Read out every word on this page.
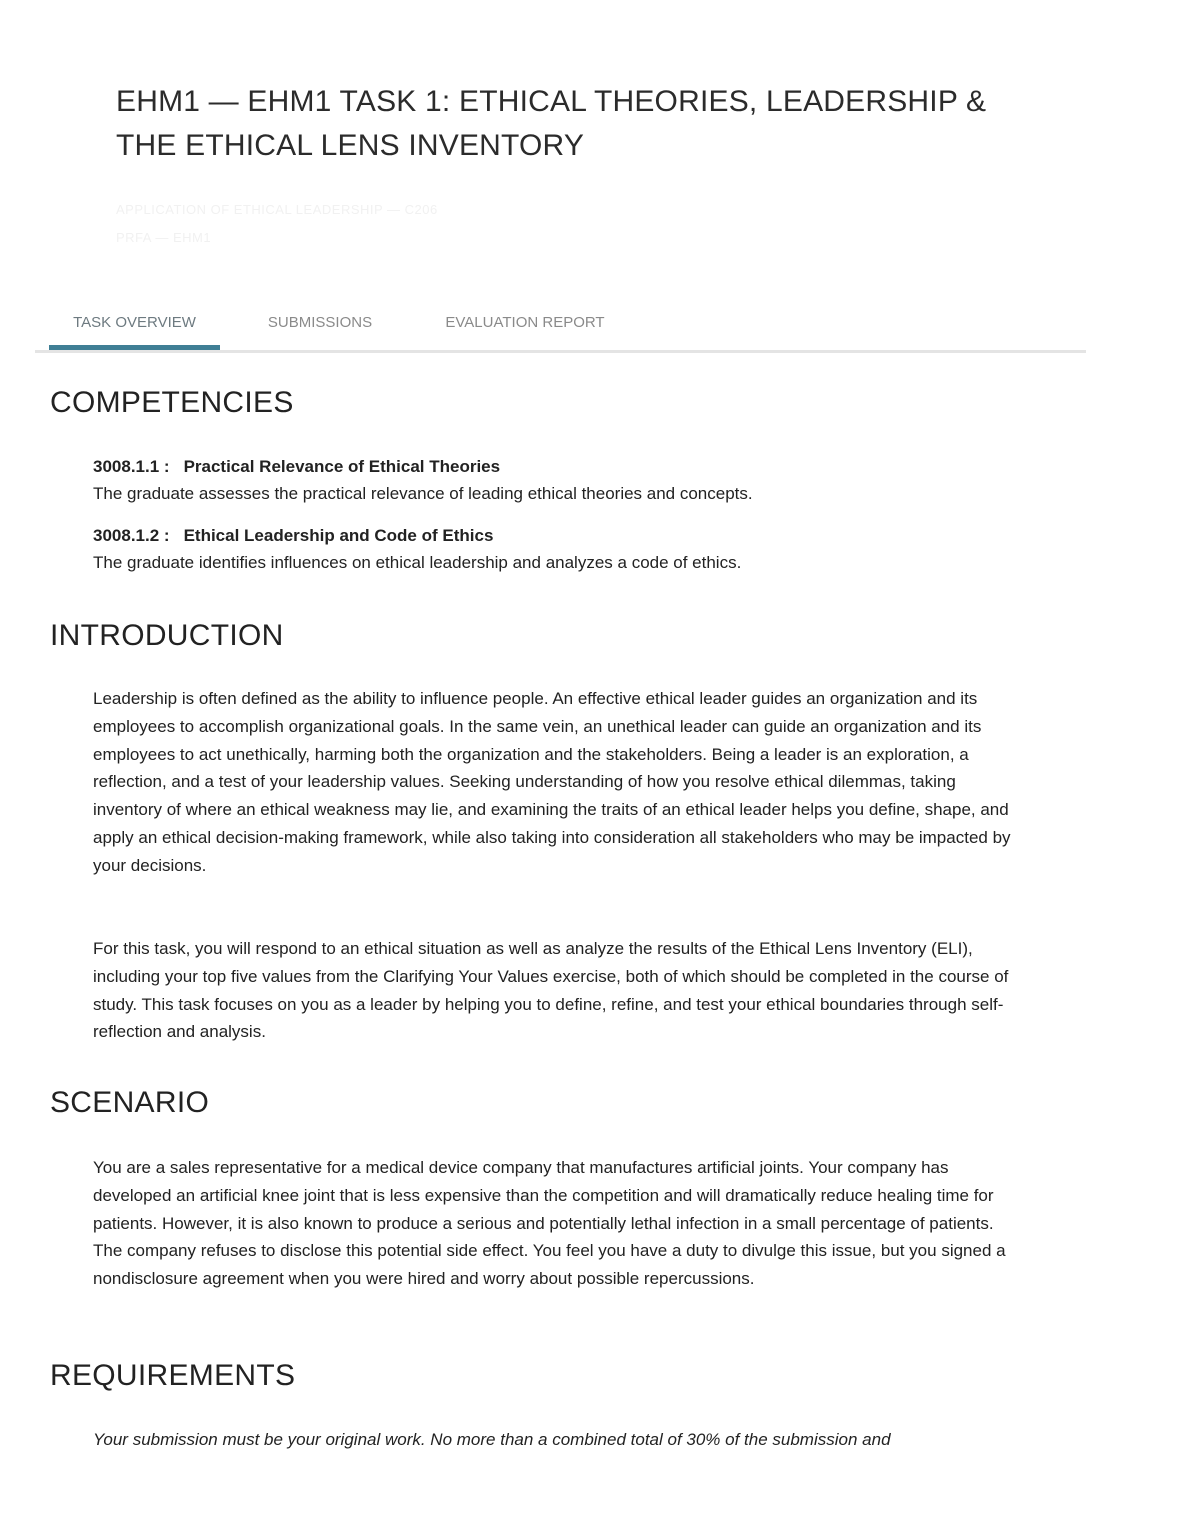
EHM1 — EHM1 TASK 1: ETHICAL THEORIES, LEADERSHIP & THE ETHICAL LENS INVENTORY
APPLICATION OF ETHICAL LEADERSHIP — C206
PRFA — EHM1
TASK OVERVIEW	SUBMISSIONS	EVALUATION REPORT
COMPETENCIES
3008.1.1 : Practical Relevance of Ethical Theories
The graduate assesses the practical relevance of leading ethical theories and concepts.
3008.1.2 : Ethical Leadership and Code of Ethics
The graduate identifies influences on ethical leadership and analyzes a code of ethics.
INTRODUCTION

Leadership is often defined as the ability to influence people. An effective ethical leader guides an organization and its employees to accomplish organizational goals. In the same vein, an unethical leader can guide an organization and its employees to act unethically, harming both the organization and the stakeholders. Being a leader is an exploration, a reflection, and a test of your leadership values. Seeking understanding of how you resolve ethical dilemmas, taking inventory of where an ethical weakness may lie, and examining the traits of an ethical leader helps you define, shape, and apply an ethical decision-making framework, while also taking into consideration all stakeholders who may be impacted by your decisions.

For this task, you will respond to an ethical situation as well as analyze the results of the Ethical Lens Inventory (ELI), including your top five values from the Clarifying Your Values exercise, both of which should be completed in the course of study. This task focuses on you as a leader by helping you to define, refine, and test your ethical boundaries through self-reflection and analysis.

SCENARIO

You are a sales representative for a medical device company that manufactures artificial joints. Your company has developed an artificial knee joint that is less expensive than the competition and will dramatically reduce healing time for patients. However, it is also known to produce a serious and potentially lethal infection in a small percentage of patients. The company refuses to disclose this potential side effect. You feel you have a duty to divulge this issue, but you signed a nondisclosure agreement when you were hired and worry about possible repercussions.

REQUIREMENTS

Your submission must be your original work. No more than a combined total of 30% of the submission and
